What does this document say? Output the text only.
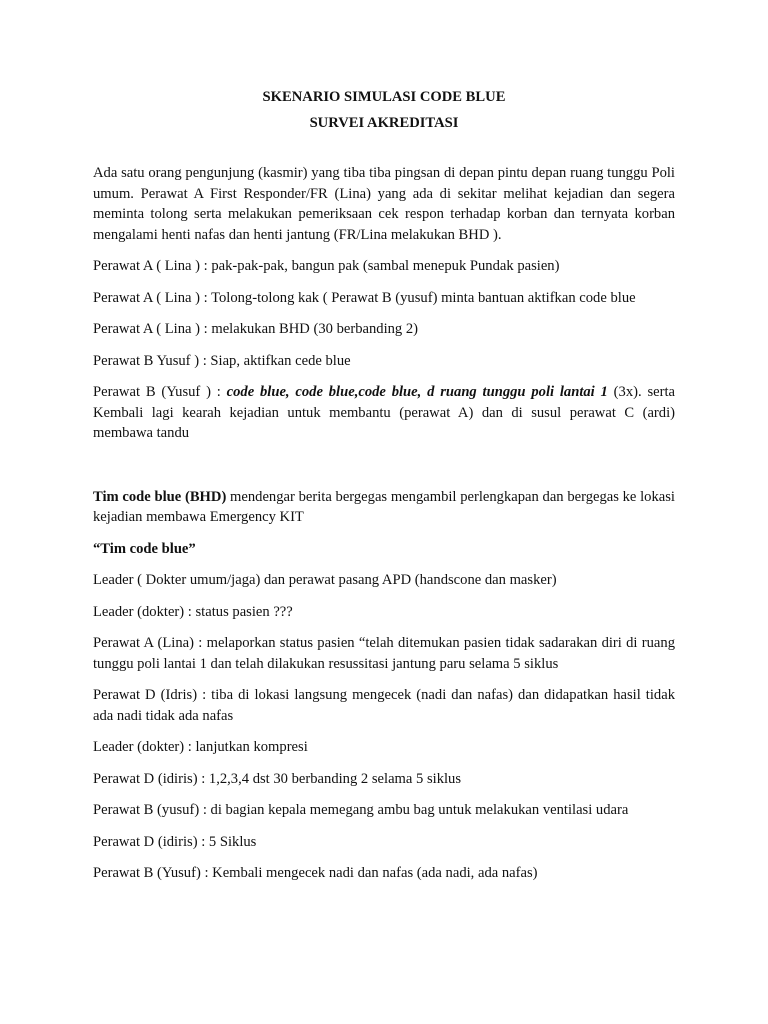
SKENARIO SIMULASI CODE BLUE

SURVEI AKREDITASI

Ada satu orang pengunjung (kasmir) yang tiba tiba pingsan di depan pintu depan ruang tunggu Poli umum. Perawat A First Responder/FR (Lina) yang ada di sekitar melihat kejadian dan segera meminta tolong serta melakukan pemeriksaan cek respon terhadap korban dan ternyata korban mengalami henti nafas dan henti jantung (FR/Lina melakukan BHD ).

Perawat A ( Lina ) : pak-pak-pak, bangun pak (sambal menepuk Pundak pasien)

Perawat A ( Lina ) : Tolong-tolong kak ( Perawat B (yusuf) minta bantuan aktifkan code blue

Perawat A ( Lina ) : melakukan BHD (30 berbanding 2)

Perawat B Yusuf ) : Siap, aktifkan cede blue

Perawat B (Yusuf ) : code blue, code blue,code blue, d ruang tunggu poli lantai 1 (3x). serta Kembali lagi kearah kejadian untuk membantu (perawat A) dan di susul perawat C (ardi) membawa tandu

Tim code blue (BHD) mendengar berita bergegas mengambil perlengkapan dan bergegas ke lokasi kejadian membawa Emergency KIT

“Tim code blue”

Leader ( Dokter umum/jaga) dan perawat pasang APD (handscone dan masker)

Leader (dokter) : status pasien ???

Perawat A (Lina) : melaporkan status pasien “telah ditemukan pasien tidak sadarakan diri di ruang tunggu poli lantai 1 dan telah dilakukan resussitasi jantung paru selama 5 siklus

Perawat D (Idris) : tiba di lokasi langsung mengecek (nadi dan nafas) dan didapatkan hasil tidak ada nadi tidak ada nafas

Leader (dokter) : lanjutkan kompresi

Perawat D (idiris) : 1,2,3,4 dst 30 berbanding 2 selama 5 siklus

Perawat B (yusuf) : di bagian kepala memegang ambu bag untuk melakukan ventilasi udara

Perawat D (idiris) : 5 Siklus

Perawat B (Yusuf) : Kembali mengecek nadi dan nafas (ada nadi, ada nafas)
